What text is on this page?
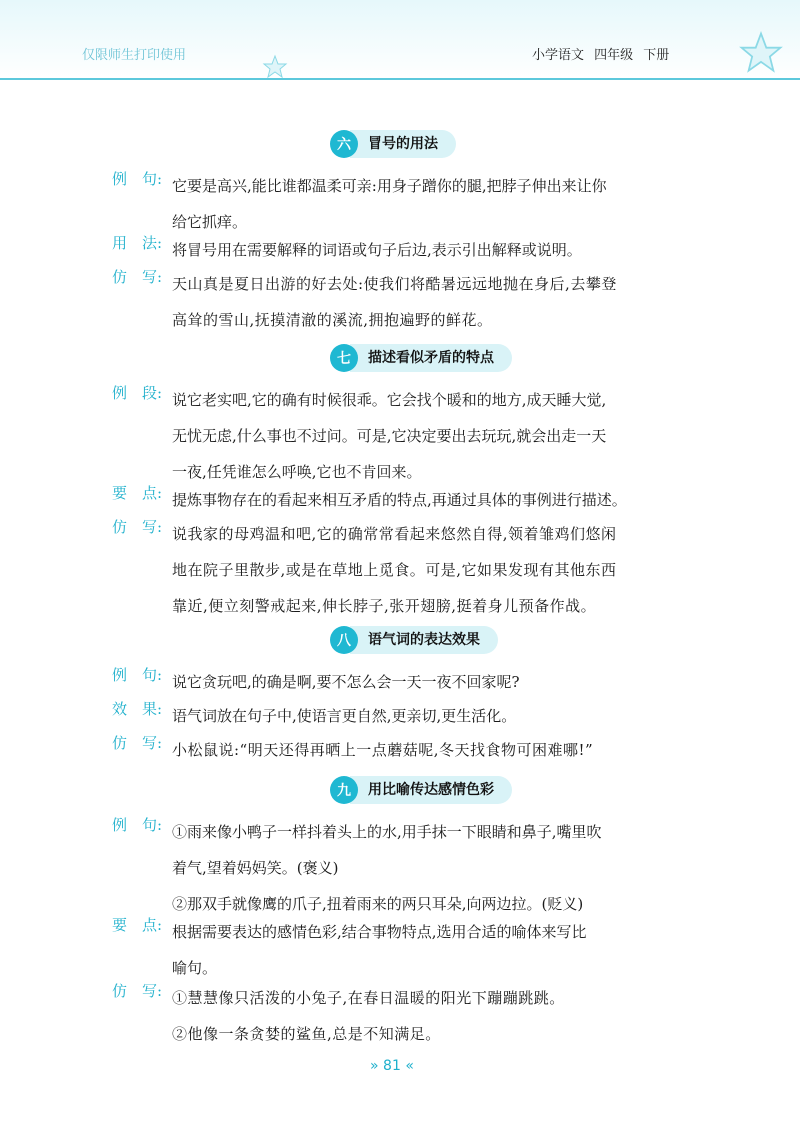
仅限师生打印使用	小学语文 四年级 下册
六	冒号的用法
例　句: 它要是高兴,能比谁都温柔可亲:用身子蹭你的腿,把脖子伸出来让你
给它抓痒。
用　法: 将冒号用在需要解释的词语或句子后边,表示引出解释或说明。
仿　写: 天山真是夏日出游的好去处:使我们将酷暑远远地抛在身后,去攀登
高耸的雪山,抚摸清澈的溪流,拥抱遍野的鲜花。
七	描述看似矛盾的特点
例　段: 说它老实吧,它的确有时候很乖。它会找个暖和的地方,成天睡大觉,
无忧无虑,什么事也不过问。可是,它决定要出去玩玩,就会出走一天
一夜,任凭谁怎么呼唤,它也不肯回来。
要　点: 提炼事物存在的看起来相互矛盾的特点,再通过具体的事例进行描述。
仿　写: 说我家的母鸡温和吧,它的确常常看起来悠然自得,领着雏鸡们悠闲
地在院子里散步,或是在草地上觅食。可是,它如果发现有其他东西
靠近,便立刻警戒起来,伸长脖子,张开翅膀,挺着身儿预备作战。
八	语气词的表达效果
例　句: 说它贪玩吧,的确是啊,要不怎么会一天一夜不回家呢?
效　果: 语气词放在句子中,使语言更自然,更亲切,更生活化。
仿　写: 小松鼠说:“明天还得再晒上一点蘑菇呢,冬天找食物可困难哪!”
九	用比喻传达感情色彩
例　句: ①雨来像小鸭子一样抖着头上的水,用手抹一下眼睛和鼻子,嘴里吹
着气,望着妈妈笑。(褒义)
②那双手就像鹰的爪子,扭着雨来的两只耳朵,向两边拉。(贬义)
要　点: 根据需要表达的感情色彩,结合事物特点,选用合适的喻体来写比
喻句。
仿　写: ①慧慧像只活泼的小兔子,在春日温暖的阳光下蹦蹦跳跳。
②他像一条贪婪的鲨鱼,总是不知满足。
» 81 «
